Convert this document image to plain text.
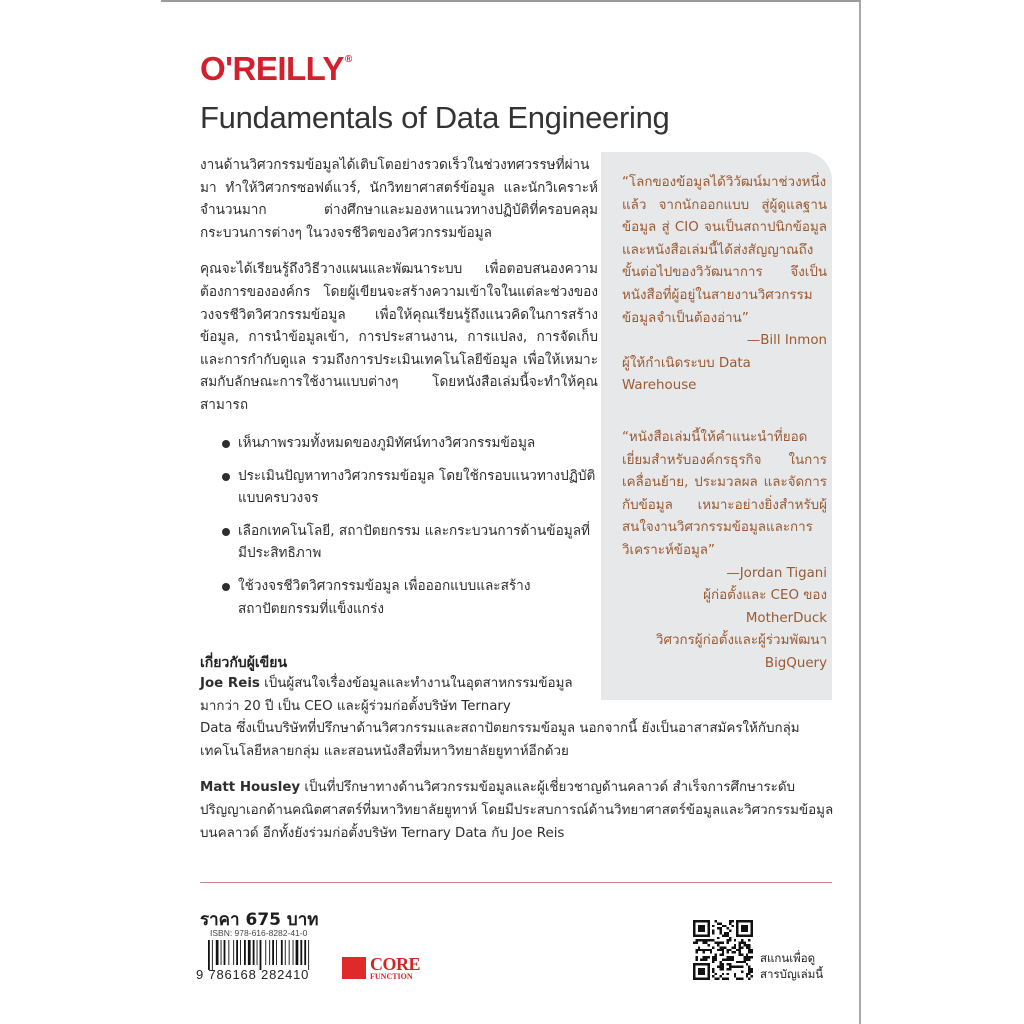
O'REILLY®
Fundamentals of Data Engineering

งานด้านวิศวกรรมข้อมูลได้เติบโตอย่างรวดเร็วในช่วงทศวรรษที่ผ่านมา ทำให้วิศวกรซอฟต์แวร์, นักวิทยาศาสตร์ข้อมูล และนักวิเคราะห์จำนวนมาก ต่างศึกษาและมองหาแนวทางปฏิบัติที่ครอบคลุมกระบวนการต่างๆ ในวงจรชีวิตของวิศวกรรมข้อมูล

คุณจะได้เรียนรู้ถึงวิธีวางแผนและพัฒนาระบบ เพื่อตอบสนองความต้องการขององค์กร โดยผู้เขียนจะสร้างความเข้าใจในแต่ละช่วงของวงจรชีวิตวิศวกรรมข้อมูล เพื่อให้คุณเรียนรู้ถึงแนวคิดในการสร้างข้อมูล, การนำข้อมูลเข้า, การประสานงาน, การแปลง, การจัดเก็บ และการกำกับดูแล รวมถึงการประเมินเทคโนโลยีข้อมูล เพื่อให้เหมาะสมกับลักษณะการใช้งานแบบต่างๆ โดยหนังสือเล่มนี้จะทำให้คุณสามารถ

เห็นภาพรวมทั้งหมดของภูมิทัศน์ทางวิศวกรรมข้อมูล
ประเมินปัญหาทางวิศวกรรมข้อมูล โดยใช้กรอบแนวทางปฏิบัติแบบครบวงจร
เลือกเทคโนโลยี, สถาปัตยกรรม และกระบวนการด้านข้อมูลที่มีประสิทธิภาพ
ใช้วงจรชีวิตวิศวกรรมข้อมูล เพื่อออกแบบและสร้างสถาปัตยกรรมที่แข็งแกร่ง
“โลกของข้อมูลได้วิวัฒน์มาช่วงหนึ่งแล้ว จากนักออกแบบ สู่ผู้ดูแลฐานข้อมูล สู่ CIO จนเป็นสถาปนิกข้อมูล และหนังสือเล่มนี้ได้ส่งสัญญาณถึงขั้นต่อไปของวิวัฒนาการ จึงเป็นหนังสือที่ผู้อยู่ในสายงานวิศวกรรมข้อมูลจำเป็นต้องอ่าน”
—Bill Inmon
ผู้ให้กำเนิดระบบ Data Warehouse
“หนังสือเล่มนี้ให้คำแนะนำที่ยอดเยี่ยมสำหรับองค์กรธุรกิจ ในการเคลื่อนย้าย, ประมวลผล และจัดการกับข้อมูล เหมาะอย่างยิ่งสำหรับผู้สนใจงานวิศวกรรมข้อมูลและการวิเคราะห์ข้อมูล”
—Jordan Tigani
ผู้ก่อตั้งและ CEO ของ MotherDuck
วิศวกรผู้ก่อตั้งและผู้ร่วมพัฒนา
BigQuery
เกี่ยวกับผู้เขียน

Joe Reis เป็นผู้สนใจเรื่องข้อมูลและทำงานในอุตสาหกรรมข้อมูลมากว่า 20 ปี เป็น CEO และผู้ร่วมก่อตั้งบริษัท Ternary
Data ซึ่งเป็นบริษัทที่ปรึกษาด้านวิศวกรรมและสถาปัตยกรรมข้อมูล นอกจากนี้ ยังเป็นอาสาสมัครให้กับกลุ่มเทคโนโลยีหลายกลุ่ม และสอนหนังสือที่มหาวิทยาลัยยูทาห์อีกด้วย

Matt Housley เป็นที่ปรึกษาทางด้านวิศวกรรมข้อมูลและผู้เชี่ยวชาญด้านคลาวด์ สำเร็จการศึกษาระดับปริญญาเอกด้านคณิตศาสตร์ที่มหาวิทยาลัยยูทาห์ โดยมีประสบการณ์ด้านวิทยาศาสตร์ข้อมูลและวิศวกรรมข้อมูลบนคลาวด์ อีกทั้งยังร่วมก่อตั้งบริษัท Ternary Data กับ Joe Reis

ราคา 675 บาท
ISBN: 978-616-8282-41-0
9 786168 282410
CORE
FUNCTION
สแกนเพื่อดู
สารบัญเล่มนี้
